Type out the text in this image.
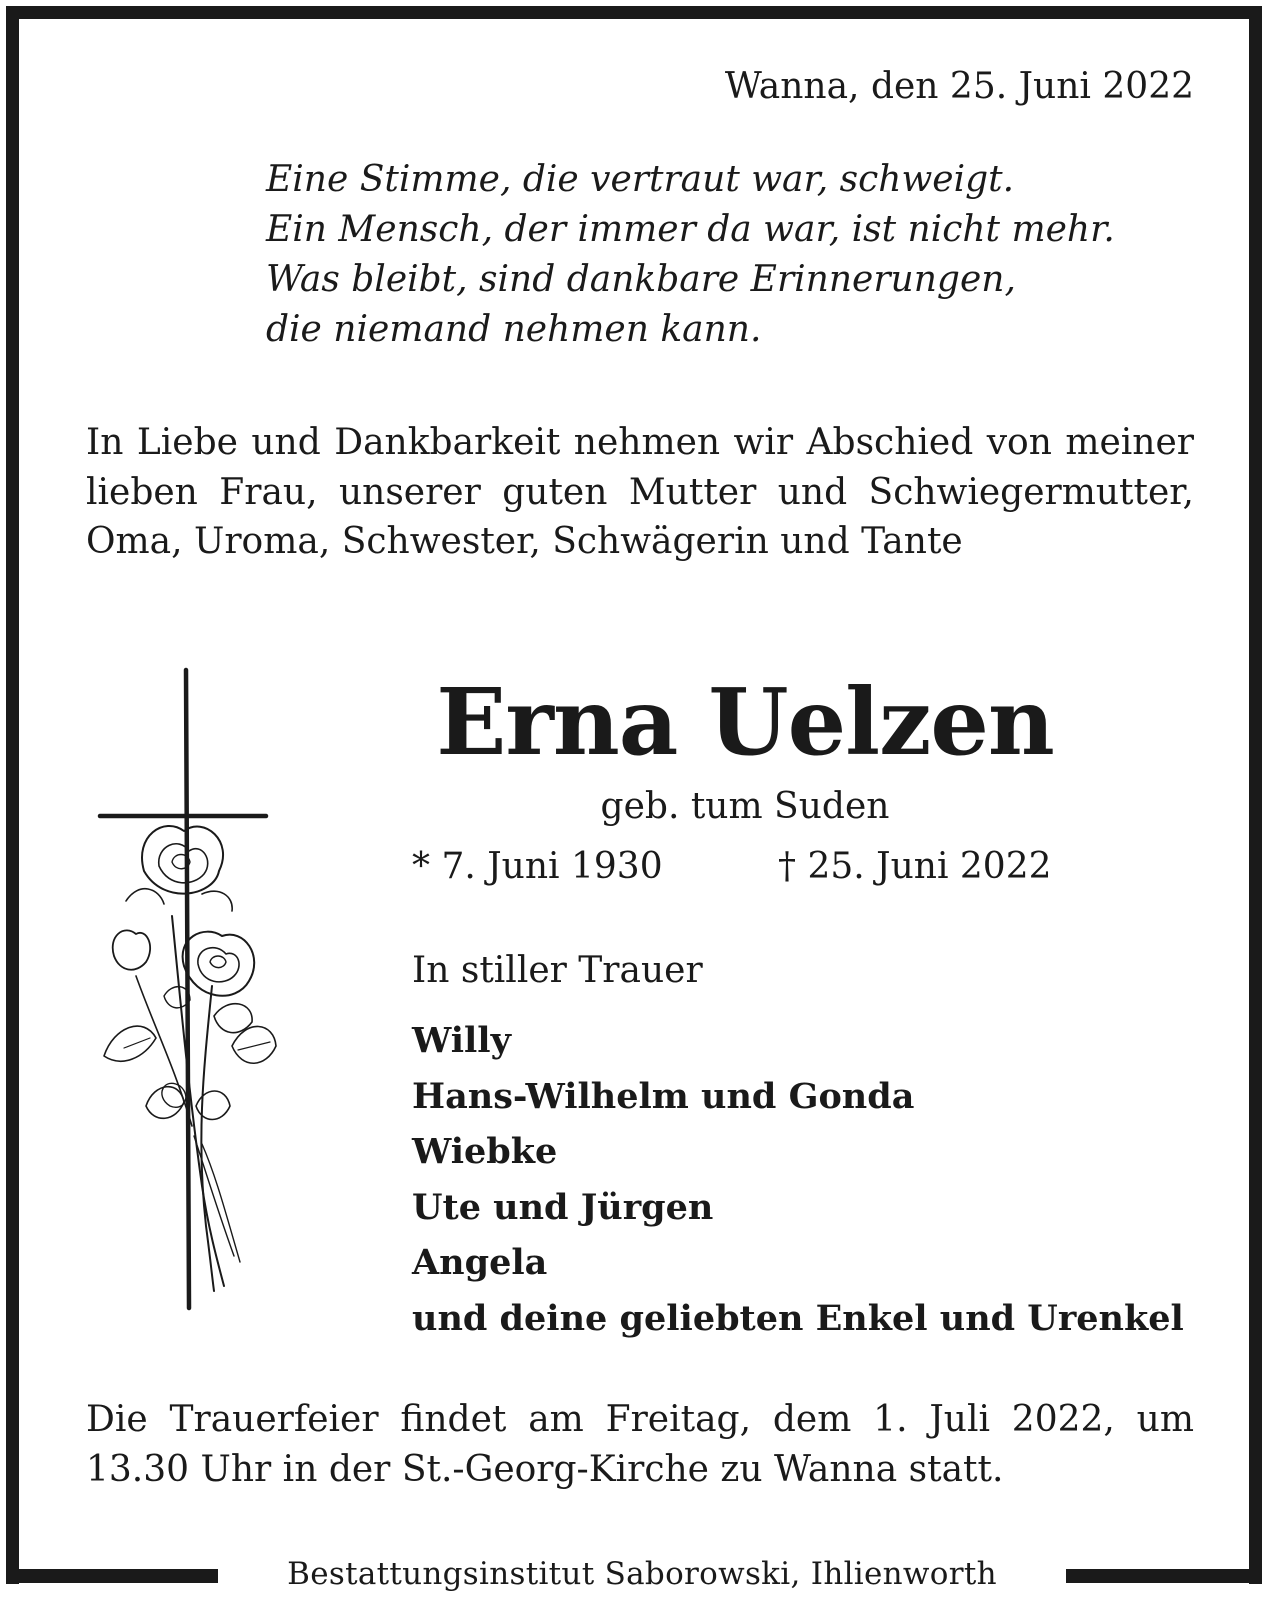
Wanna, den 25. Juni 2022
Eine Stimme, die vertraut war, schweigt.
Ein Mensch, der immer da war, ist nicht mehr.
Was bleibt, sind dankbare Erinnerungen,
die niemand nehmen kann.
In Liebe und Dankbarkeit nehmen wir Abschied von meiner lieben Frau, unserer guten Mutter und Schwiegermutter, Oma, Uroma, Schwester, Schwägerin und Tante
Erna Uelzen
geb. tum Suden
* 7. Juni 1930	† 25. Juni 2022
In stiller Trauer
Willy
Hans-Wilhelm und Gonda
Wiebke
Ute und Jürgen
Angela
und deine geliebten Enkel und Urenkel
Die Trauerfeier findet am Freitag, dem 1. Juli 2022, um 13.30 Uhr in der St.-Georg-Kirche zu Wanna statt.
Bestattungsinstitut Saborowski, Ihlienworth
